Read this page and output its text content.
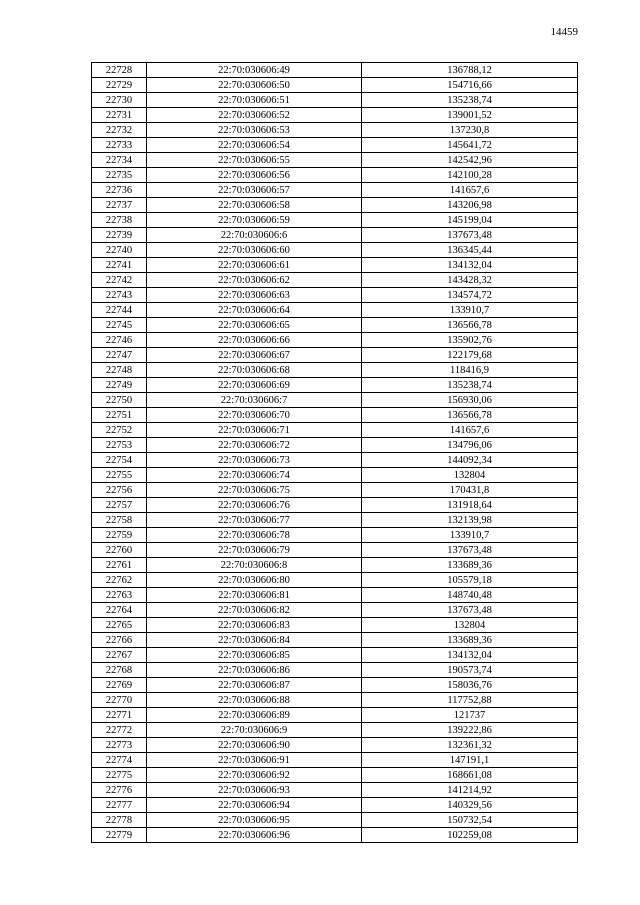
14459
22728	22:70:030606:49	136788,12
22729	22:70:030606:50	154716,66
22730	22:70:030606:51	135238,74
22731	22:70:030606:52	139001,52
22732	22:70:030606:53	137230,8
22733	22:70:030606:54	145641,72
22734	22:70:030606:55	142542,96
22735	22:70:030606:56	142100,28
22736	22:70:030606:57	141657,6
22737	22:70:030606:58	143206,98
22738	22:70:030606:59	145199,04
22739	22:70:030606:6	137673,48
22740	22:70:030606:60	136345,44
22741	22:70:030606:61	134132,04
22742	22:70:030606:62	143428,32
22743	22:70:030606:63	134574,72
22744	22:70:030606:64	133910,7
22745	22:70:030606:65	136566,78
22746	22:70:030606:66	135902,76
22747	22:70:030606:67	122179,68
22748	22:70:030606:68	118416,9
22749	22:70:030606:69	135238,74
22750	22:70:030606:7	156930,06
22751	22:70:030606:70	136566,78
22752	22:70:030606:71	141657,6
22753	22:70:030606:72	134796,06
22754	22:70:030606:73	144092,34
22755	22:70:030606:74	132804
22756	22:70:030606:75	170431,8
22757	22:70:030606:76	131918,64
22758	22:70:030606:77	132139,98
22759	22:70:030606:78	133910,7
22760	22:70:030606:79	137673,48
22761	22:70:030606:8	133689,36
22762	22:70:030606:80	105579,18
22763	22:70:030606:81	148740,48
22764	22:70:030606:82	137673,48
22765	22:70:030606:83	132804
22766	22:70:030606:84	133689,36
22767	22:70:030606:85	134132,04
22768	22:70:030606:86	190573,74
22769	22:70:030606:87	158036,76
22770	22:70:030606:88	117752,88
22771	22:70:030606:89	121737
22772	22:70:030606:9	139222,86
22773	22:70:030606:90	132361,32
22774	22:70:030606:91	147191,1
22775	22:70:030606:92	168661,08
22776	22:70:030606:93	141214,92
22777	22:70:030606:94	140329,56
22778	22:70:030606:95	150732,54
22779	22:70:030606:96	102259,08
